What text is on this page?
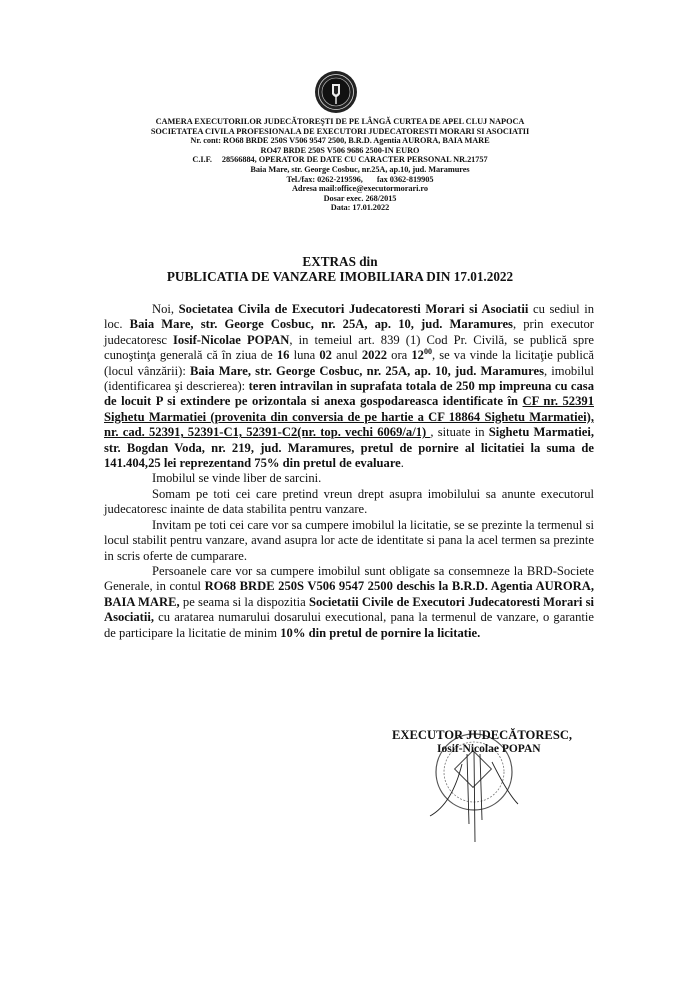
CAMERA EXECUTORILOR JUDECĂTOREŞTI DE PE LÂNGĂ CURTEA DE APEL CLUJ NAPOCA
SOCIETATEA CIVILA PROFESIONALA DE EXECUTORI JUDECATORESTI MORARI SI ASOCIATII
Nr. cont: RO68 BRDE 250S V506 9547 2500, B.R.D. Agentia AURORA, BAIA MARE
RO47 BRDE 250S V506 9686 2500-IN EURO
C.I.F. 28566884, OPERATOR DE DATE CU CARACTER PERSONAL NR.21757
Baia Mare, str. George Cosbuc, nr.25A, ap.10, jud. Maramures
Tel./fax: 0262-219596, fax 0362-819905
Adresa mail:office@executormorari.ro
Dosar exec. 268/2015
Data: 17.01.2022
EXTRAS din
PUBLICATIA DE VANZARE IMOBILIARA DIN 17.01.2022

Noi, Societatea Civila de Executori Judecatoresti Morari si Asociatii cu sediul in loc. Baia Mare, str. George Cosbuc, nr. 25A, ap. 10, jud. Maramures, prin executor judecatoresc Iosif-Nicolae POPAN, in temeiul art. 839 (1) Cod Pr. Civilă, se publică spre cunoştinţa generală că în ziua de 16 luna 02 anul 2022 ora $12^{00}$, se va vinde la licitaţie publică (locul vânzării): Baia Mare, str. George Cosbuc, nr. 25A, ap. 10, jud. Maramures, imobilul (identificarea şi descrierea): teren intravilan in suprafata totala de 250 mp impreuna cu casa de locuit P si extindere pe orizontala si anexa gospodareasca identificate în CF nr. 52391 Sighetu Marmatiei (provenita din conversia de pe hartie a CF 18864 Sighetu Marmatiei), nr. cad. 52391, 52391-C1, 52391-C2(nr. top. vechi 6069/a/1) , situate in Sighetu Marmatiei, str. Bogdan Voda, nr. 219, jud. Maramures, pretul de pornire al licitatiei la suma de 141.404,25 lei reprezentand 75% din pretul de evaluare.

Imobilul se vinde liber de sarcini.

Somam pe toti cei care pretind vreun drept asupra imobilului sa anunte executorul judecatoresc inainte de data stabilita pentru vanzare.

Invitam pe toti cei care vor sa cumpere imobilul la licitatie, se se prezinte la termenul si locul stabilit pentru vanzare, avand asupra lor acte de identitate si pana la acel termen sa prezinte in scris oferte de cumparare.

Persoanele care vor sa cumpere imobilul sunt obligate sa consemneze la BRD-Societe Generale, in contul RO68 BRDE 250S V506 9547 2500 deschis la B.R.D. Agentia AURORA, BAIA MARE, pe seama si la dispozitia Societatii Civile de Executori Judecatoresti Morari si Asociatii, cu aratarea numarului dosarului executional, pana la termenul de vanzare, o garantie de participare la licitatie de minim 10% din pretul de pornire la licitatie.

EXECUTOR JUDECĂTORESC,
Iosif-Nicolae POPAN
